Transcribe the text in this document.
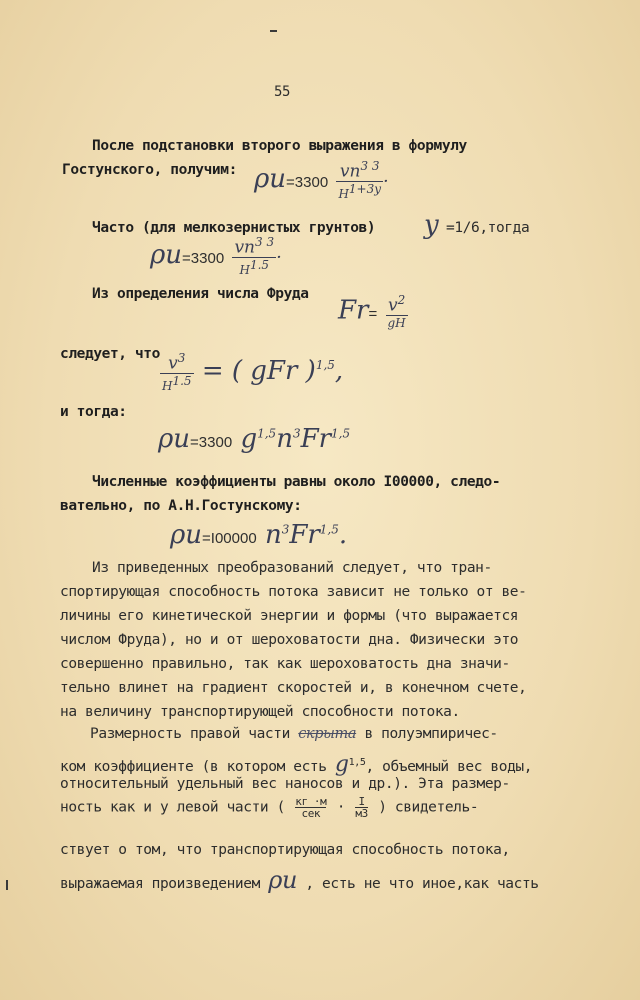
55
После подстановки второго выражения в формулу
Гостунского, получим: $\rho u=3300 \frac{vn^{3 3}}{H^{1+3y}}$ ·
Часто (для мелкозернистых грунтов) y =1/6,тогда
$\rho u=3300 \frac{vn^{3 3}}{H^{1.5}}$ ·
Из определения числа Фруда
$Fr= \frac{v^2}{gH}$
следует, что $\frac{v^3}{H^{1.5}}$ = ( gFr )$^{1,5}$,
и тогда:
ρu=3300 $g^{1,5}n^3Fr^{1,5}$
Численные коэффициенты равны около I00000, следо-
вательно, по А.Н.Гостунскому:
ρu=I00000 $n^3Fr^{1,5}$.
Из приведенных преобразований следует, что тран-
спортирующая способность потока зависит не только от ве-
личины его кинетической энергии и формы (что выражается
числом Фруда), но и от шероховатости дна. Физически это
совершенно правильно, так как шероховатость дна значи-
тельно влинет на градиент скоростей и, в конечном счете,
на величину транспортирующей способности потока.
Размерность правой части скрыта в полуэмпиричес-
ком коэффициенте (в котором есть $g^{1,5}$, объемный вес воды,
относительный удельный вес наносов и др.). Эта размер-
ность как и у левой части ( кг ·м
сек	· I
м3 ) свидетель-
ствует о том, что транспортирующая способность потока,
выражаемая произведением ρu , есть не что иное,как часть
